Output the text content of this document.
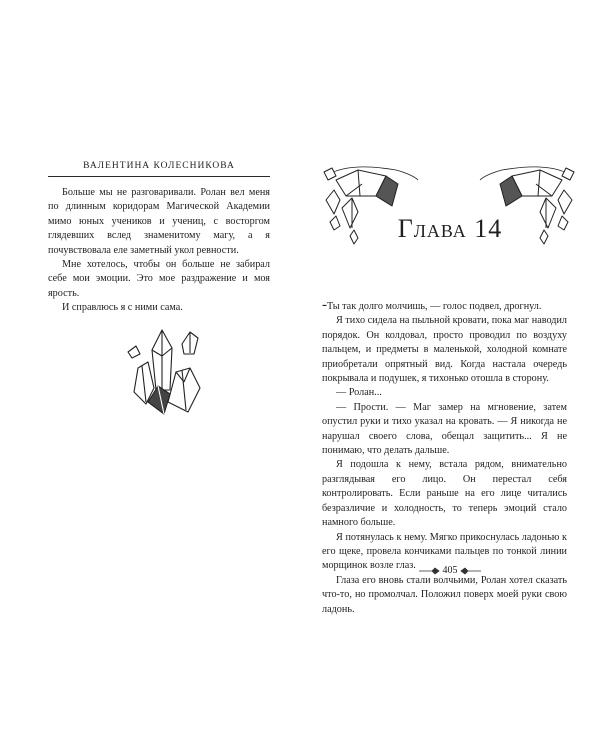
ВАЛЕНТИНА КОЛЕСНИКОВА

Больше мы не разговаривали. Ролан вел меня по длинным коридорам Магической Академии мимо юных учеников и учениц, с восторгом глядевших вслед знаменитому магу, а я почувствовала еле заметный укол ревности.

Мне хотелось, чтобы он больше не забирал себе мои эмоции. Это мое раздражение и моя ярость.

И справлюсь я с ними сама.

Глава 14

-Ты так долго молчишь, — голос подвел, дрогнул.

Я тихо сидела на пыльной кровати, пока маг наводил порядок. Он колдовал, просто проводил по воздуху пальцем, и предметы в маленькой, холодной комнате приобретали опрятный вид. Когда настала очередь покрывала и подушек, я тихонько отошла в сторону.

— Ролан...

— Прости. — Маг замер на мгновение, затем опустил руки и тихо указал на кровать. — Я никогда не нарушал своего слова, обещал защитить... Я не понимаю, что делать дальше.

Я подошла к нему, встала рядом, внимательно разглядывая его лицо. Он перестал себя контролировать. Если раньше на его лице читались безразличие и холодность, то теперь эмоций стало намного больше.

Я потянулась к нему. Мягко прикоснулась ладонью к его щеке, провела кончиками пальцев по тонкой линии морщинок возле глаз.

Глаза его вновь стали волчьими, Ролан хотел сказать что-то, но промолчал. Положил поверх моей руки свою ладонь.

405
